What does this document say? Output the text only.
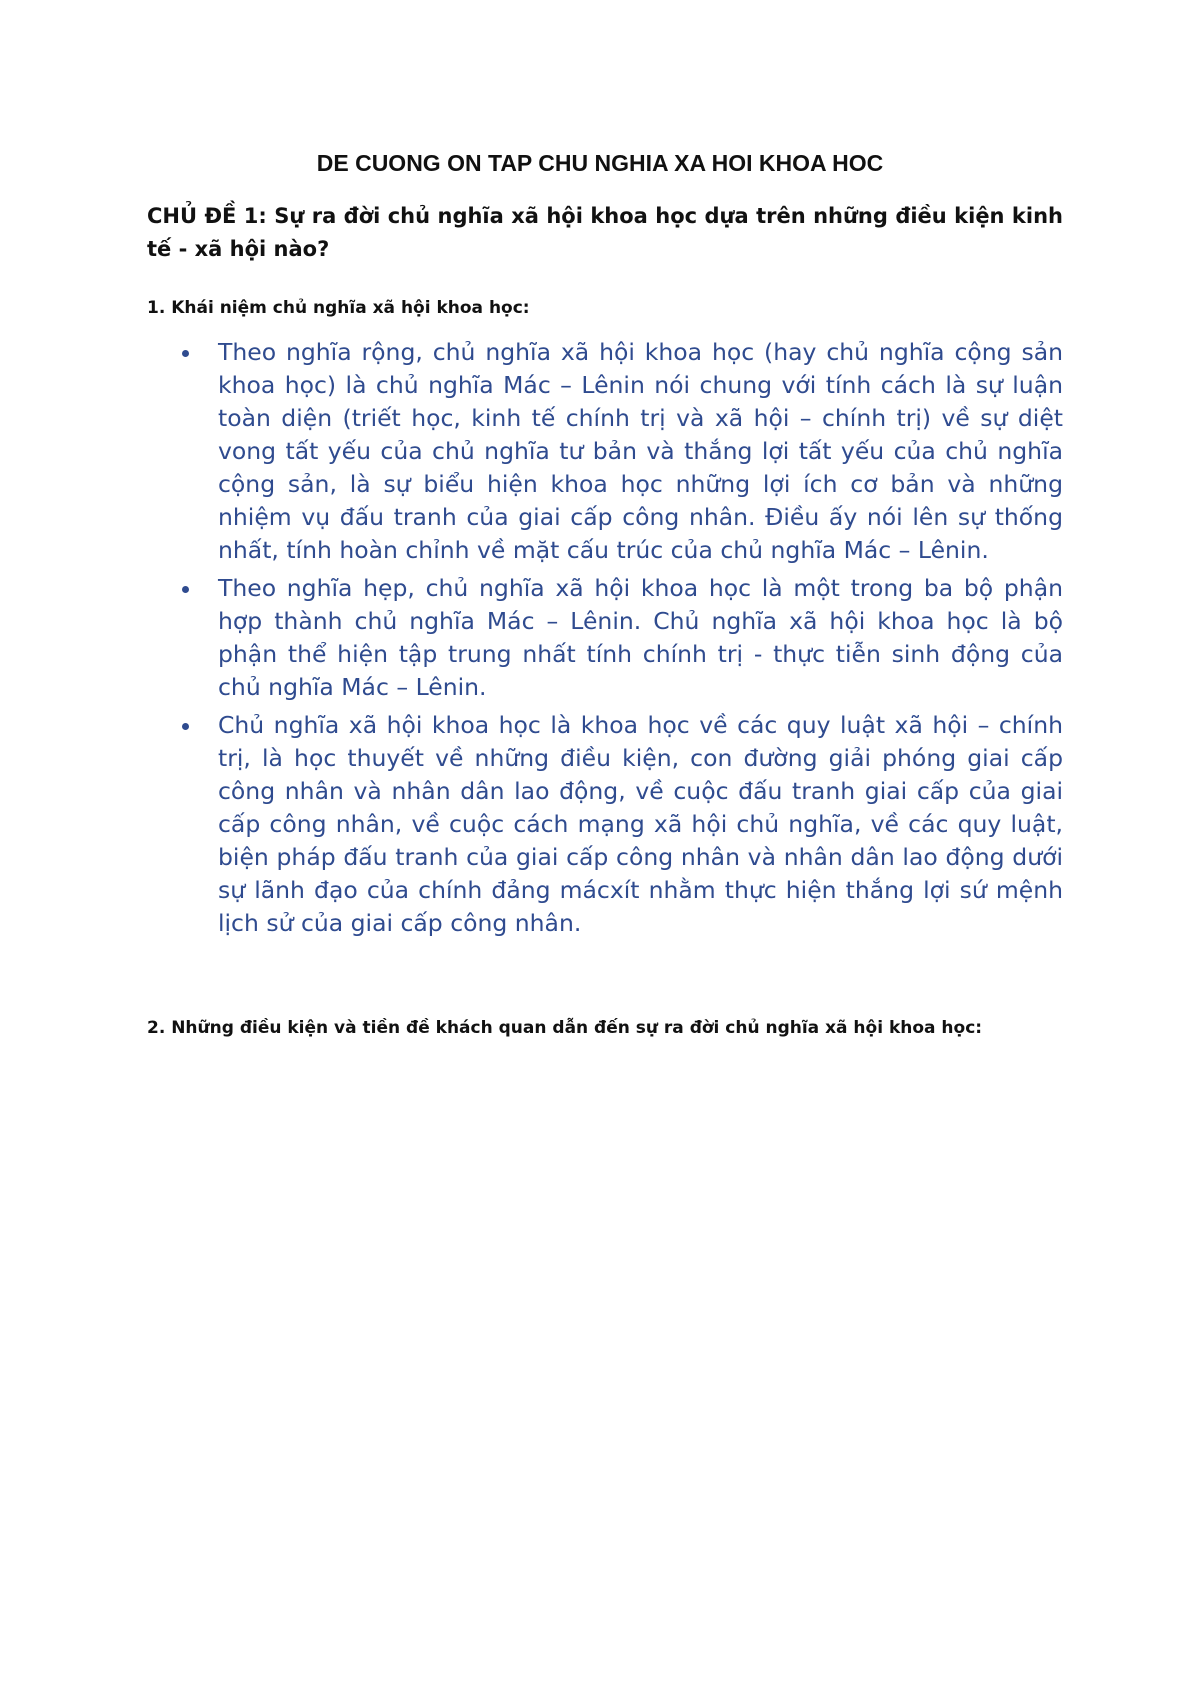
DE CUONG ON TAP CHU NGHIA XA HOI KHOA HOC
CHỦ ĐỀ 1: Sự ra đời chủ nghĩa xã hội khoa học dựa trên những điều kiện kinh tế - xã hội nào?
1. Khái niệm chủ nghĩa xã hội khoa học:
Theo nghĩa rộng, chủ nghĩa xã hội khoa học (hay chủ nghĩa cộng sản khoa học) là chủ nghĩa Mác – Lênin nói chung với tính cách là sự luận toàn diện (triết học, kinh tế chính trị và xã hội – chính trị) về sự diệt vong tất yếu của chủ nghĩa tư bản và thắng lợi tất yếu của chủ nghĩa cộng sản, là sự biểu hiện khoa học những lợi ích cơ bản và những nhiệm vụ đấu tranh của giai cấp công nhân. Điều ấy nói lên sự thống nhất, tính hoàn chỉnh về mặt cấu trúc của chủ nghĩa Mác – Lênin.
Theo nghĩa hẹp, chủ nghĩa xã hội khoa học là một trong ba bộ phận hợp thành chủ nghĩa Mác – Lênin. Chủ nghĩa xã hội khoa học là bộ phận thể hiện tập trung nhất tính chính trị - thực tiễn sinh động của chủ nghĩa Mác – Lênin.
Chủ nghĩa xã hội khoa học là khoa học về các quy luật xã hội – chính trị, là học thuyết về những điều kiện, con đường giải phóng giai cấp công nhân và nhân dân lao động, về cuộc đấu tranh giai cấp của giai cấp công nhân, về cuộc cách mạng xã hội chủ nghĩa, về các quy luật, biện pháp đấu tranh của giai cấp công nhân và nhân dân lao động dưới sự lãnh đạo của chính đảng mácxít nhằm thực hiện thắng lợi sứ mệnh lịch sử của giai cấp công nhân.
2. Những điều kiện và tiền đề khách quan dẫn đến sự ra đời chủ nghĩa xã hội khoa học:
